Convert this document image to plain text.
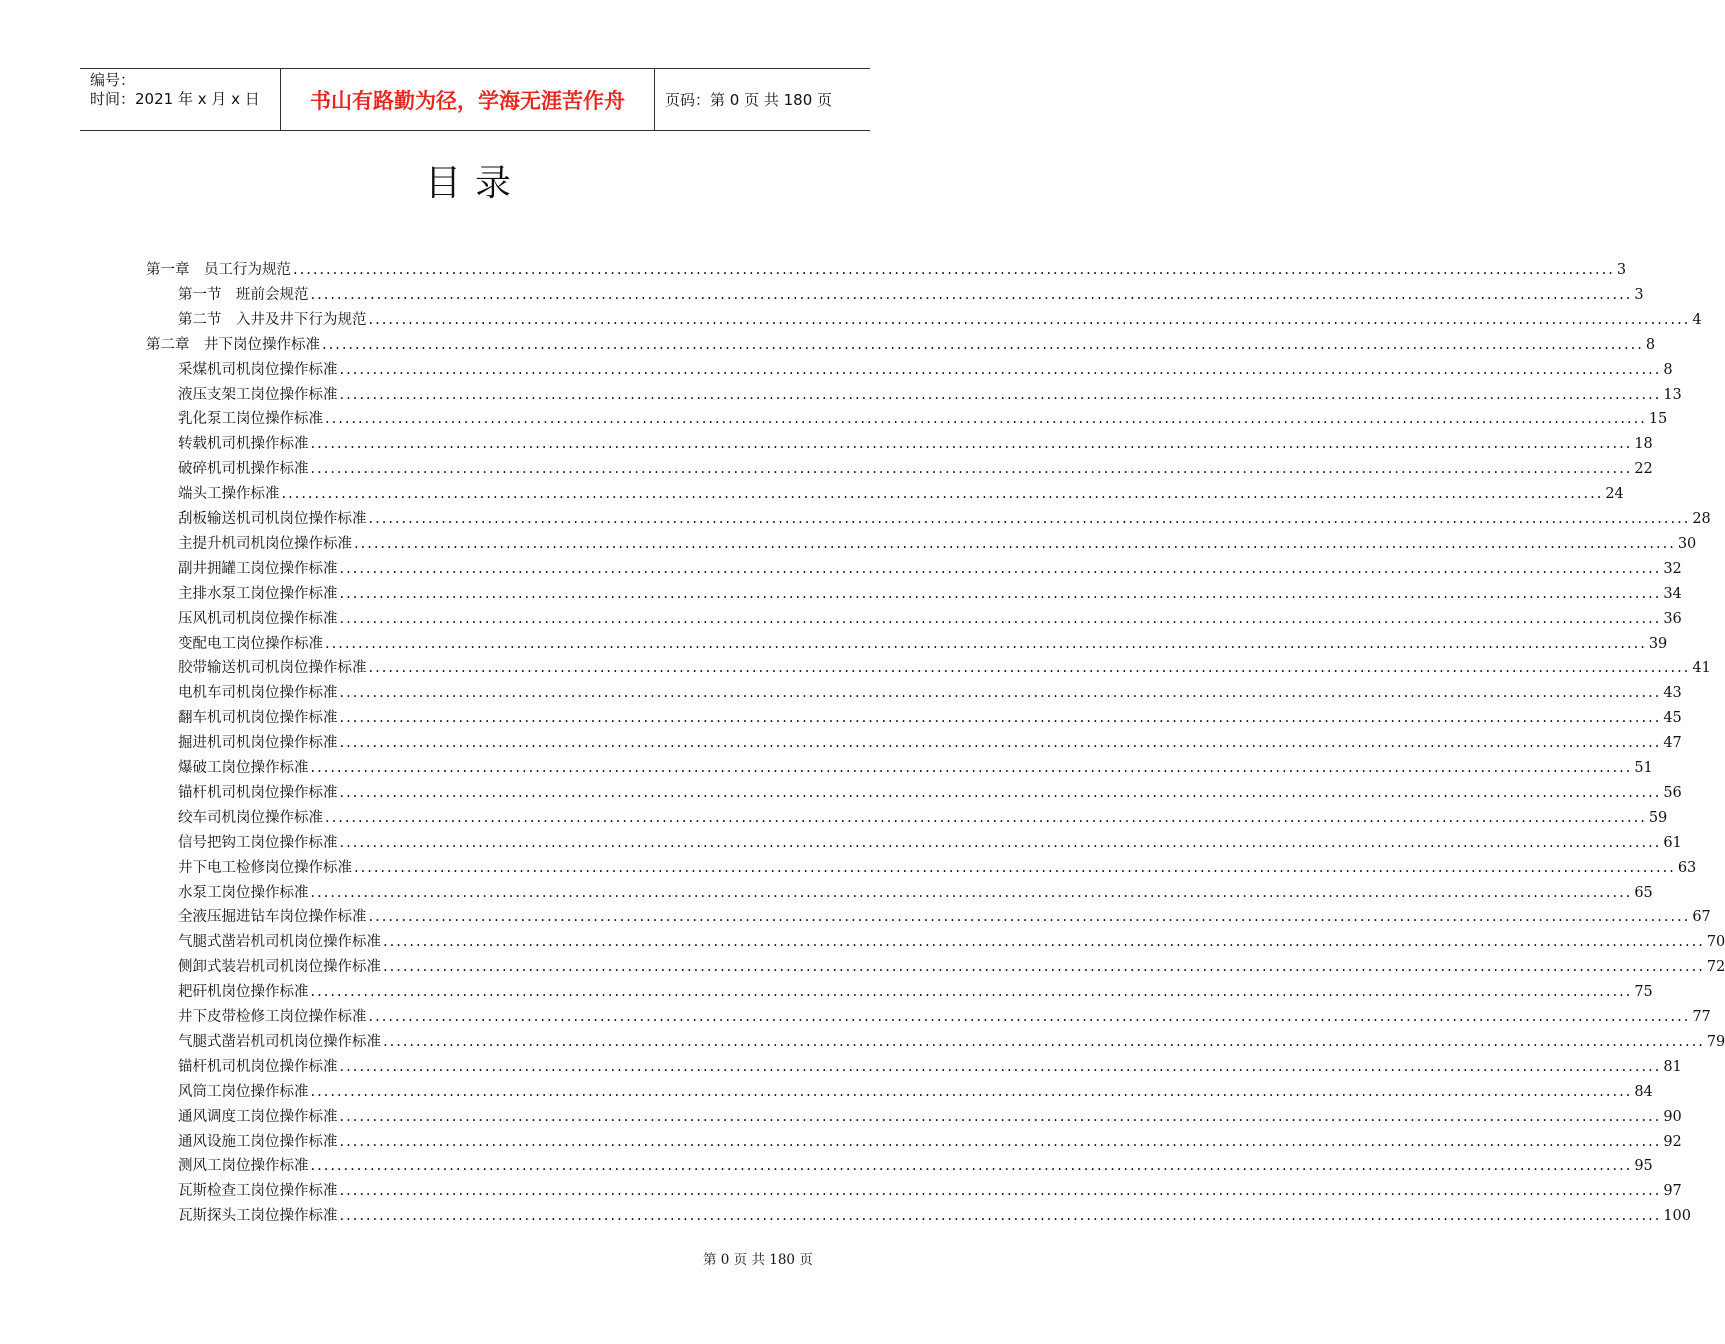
编号：
时间：2021 年 x 月 x 日	书山有路勤为径，学海无涯苦作舟	页码：第 0 页 共 180 页
目录
第一章　员工行为规范 ........................................................................................................................................................................................................ 3
第一节　班前会规范 ........................................................................................................................................................................................................ 3
第二节　入井及井下行为规范 ........................................................................................................................................................................................................ 4
第二章　井下岗位操作标准 ........................................................................................................................................................................................................ 8
采煤机司机岗位操作标准 ........................................................................................................................................................................................................ 8
液压支架工岗位操作标准 ........................................................................................................................................................................................................ 13
乳化泵工岗位操作标准 ........................................................................................................................................................................................................ 15
转载机司机操作标准 ........................................................................................................................................................................................................ 18
破碎机司机操作标准 ........................................................................................................................................................................................................ 22
端头工操作标准 ........................................................................................................................................................................................................ 24
刮板输送机司机岗位操作标准 ........................................................................................................................................................................................................ 28
主提升机司机岗位操作标准 ........................................................................................................................................................................................................ 30
副井拥罐工岗位操作标准 ........................................................................................................................................................................................................ 32
主排水泵工岗位操作标准 ........................................................................................................................................................................................................ 34
压风机司机岗位操作标准 ........................................................................................................................................................................................................ 36
变配电工岗位操作标准 ........................................................................................................................................................................................................ 39
胶带输送机司机岗位操作标准 ........................................................................................................................................................................................................ 41
电机车司机岗位操作标准 ........................................................................................................................................................................................................ 43
翻车机司机岗位操作标准 ........................................................................................................................................................................................................ 45
掘进机司机岗位操作标准 ........................................................................................................................................................................................................ 47
爆破工岗位操作标准 ........................................................................................................................................................................................................ 51
锚杆机司机岗位操作标准 ........................................................................................................................................................................................................ 56
绞车司机岗位操作标准 ........................................................................................................................................................................................................ 59
信号把钩工岗位操作标准 ........................................................................................................................................................................................................ 61
井下电工检修岗位操作标准 ........................................................................................................................................................................................................ 63
水泵工岗位操作标准 ........................................................................................................................................................................................................ 65
全液压掘进钻车岗位操作标准 ........................................................................................................................................................................................................ 67
气腿式凿岩机司机岗位操作标准 ........................................................................................................................................................................................................ 70
侧卸式装岩机司机岗位操作标准 ........................................................................................................................................................................................................ 72
耙矸机岗位操作标准 ........................................................................................................................................................................................................ 75
井下皮带检修工岗位操作标准 ........................................................................................................................................................................................................ 77
气腿式凿岩机司机岗位操作标准 ........................................................................................................................................................................................................ 79
锚杆机司机岗位操作标准 ........................................................................................................................................................................................................ 81
风筒工岗位操作标准 ........................................................................................................................................................................................................ 84
通风调度工岗位操作标准 ........................................................................................................................................................................................................ 90
通风设施工岗位操作标准 ........................................................................................................................................................................................................ 92
测风工岗位操作标准 ........................................................................................................................................................................................................ 95
瓦斯检查工岗位操作标准 ........................................................................................................................................................................................................ 97
瓦斯探头工岗位操作标准 ........................................................................................................................................................................................................ 100
第 0 页 共 180 页
